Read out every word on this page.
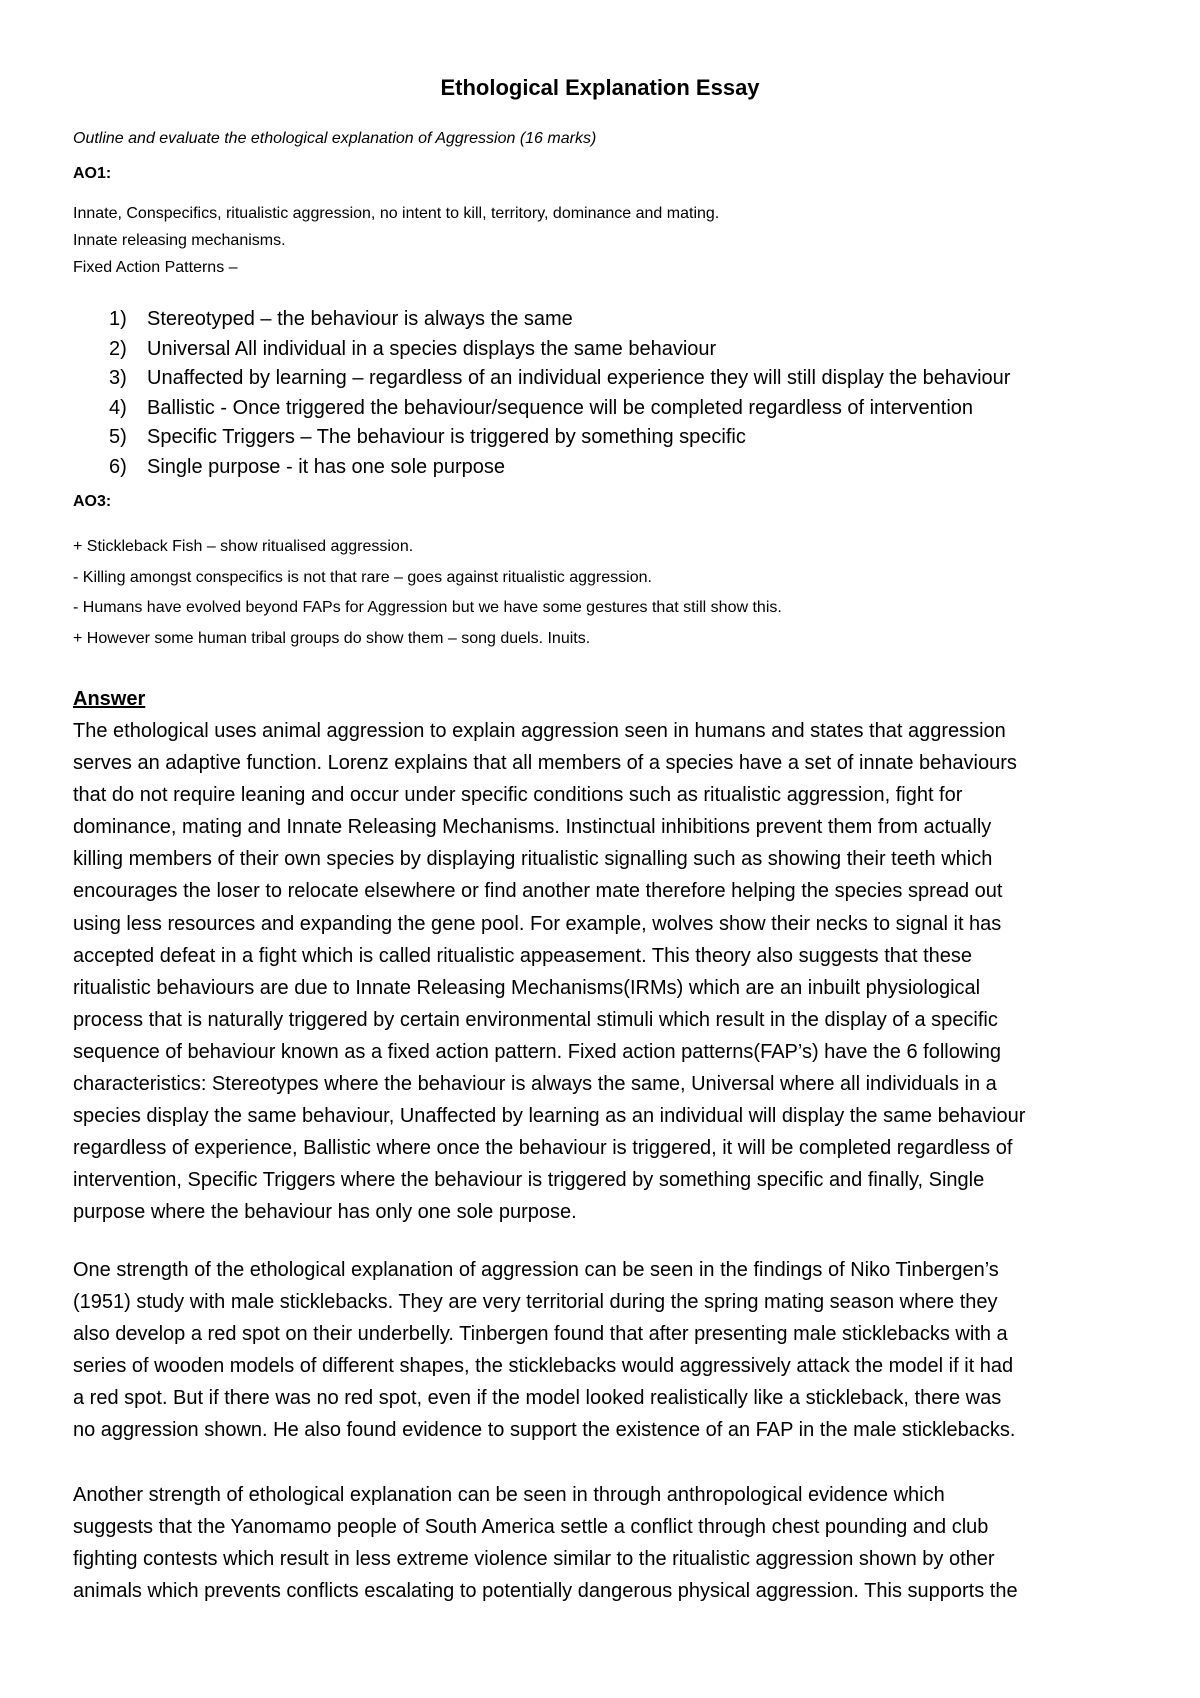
Ethological Explanation Essay
Outline and evaluate the ethological explanation of Aggression (16 marks)
AO1:
Innate, Conspecifics, ritualistic aggression, no intent to kill, territory, dominance and mating.
Innate releasing mechanisms.
Fixed Action Patterns –
1)	Stereotyped – the behaviour is always the same
2)	Universal All individual in a species displays the same behaviour
3)	Unaffected by learning – regardless of an individual experience they will still display the behaviour
4)	Ballistic - Once triggered the behaviour/sequence will be completed regardless of intervention
5)	Specific Triggers – The behaviour is triggered by something specific
6)	Single purpose - it has one sole purpose
AO3:
+ Stickleback Fish – show ritualised aggression.
- Killing amongst conspecifics is not that rare – goes against ritualistic aggression.
- Humans have evolved beyond FAPs for Aggression but we have some gestures that still show this.
+ However some human tribal groups do show them – song duels. Inuits.
Answer
The ethological uses animal aggression to explain aggression seen in humans and states that aggression
serves an adaptive function. Lorenz explains that all members of a species have a set of innate behaviours
that do not require leaning and occur under specific conditions such as ritualistic aggression, fight for
dominance, mating and Innate Releasing Mechanisms. Instinctual inhibitions prevent them from actually
killing members of their own species by displaying ritualistic signalling such as showing their teeth which
encourages the loser to relocate elsewhere or find another mate therefore helping the species spread out
using less resources and expanding the gene pool. For example, wolves show their necks to signal it has
accepted defeat in a fight which is called ritualistic appeasement. This theory also suggests that these
ritualistic behaviours are due to Innate Releasing Mechanisms(IRMs) which are an inbuilt physiological
process that is naturally triggered by certain environmental stimuli which result in the display of a specific
sequence of behaviour known as a fixed action pattern. Fixed action patterns(FAP’s) have the 6 following
characteristics: Stereotypes where the behaviour is always the same, Universal where all individuals in a
species display the same behaviour, Unaffected by learning as an individual will display the same behaviour
regardless of experience, Ballistic where once the behaviour is triggered, it will be completed regardless of
intervention, Specific Triggers where the behaviour is triggered by something specific and finally, Single
purpose where the behaviour has only one sole purpose.
One strength of the ethological explanation of aggression can be seen in the findings of Niko Tinbergen’s
(1951) study with male sticklebacks. They are very territorial during the spring mating season where they
also develop a red spot on their underbelly. Tinbergen found that after presenting male sticklebacks with a
series of wooden models of different shapes, the sticklebacks would aggressively attack the model if it had
a red spot. But if there was no red spot, even if the model looked realistically like a stickleback, there was
no aggression shown. He also found evidence to support the existence of an FAP in the male sticklebacks.
Another strength of ethological explanation can be seen in through anthropological evidence which
suggests that the Yanomamo people of South America settle a conflict through chest pounding and club
fighting contests which result in less extreme violence similar to the ritualistic aggression shown by other
animals which prevents conflicts escalating to potentially dangerous physical aggression. This supports the
